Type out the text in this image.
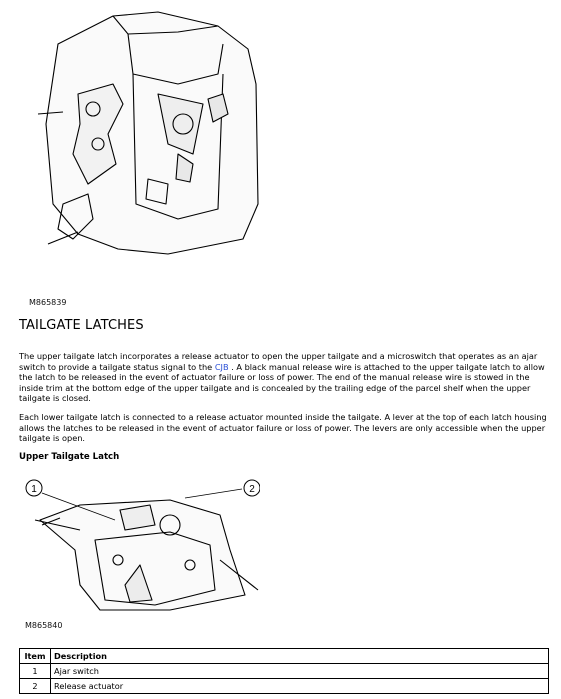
M865839
TAILGATE LATCHES

The upper tailgate latch incorporates a release actuator to open the upper tailgate and a microswitch that operates as an ajar switch to provide a tailgate status signal to the CJB . A black manual release wire is attached to the upper tailgate latch to allow the latch to be released in the event of actuator failure or loss of power. The end of the manual release wire is stowed in the inside trim at the bottom edge of the upper tailgate and is concealed by the trailing edge of the parcel shelf when the upper tailgate is closed.

Each lower tailgate latch is connected to a release actuator mounted inside the tailgate. A lever at the top of each latch housing allows the latches to be released in the event of actuator failure or loss of power. The levers are only accessible when the upper tailgate is open.

Upper Tailgate Latch
1	2
M865840
Item	Description
1	Ajar switch
2	Release actuator
